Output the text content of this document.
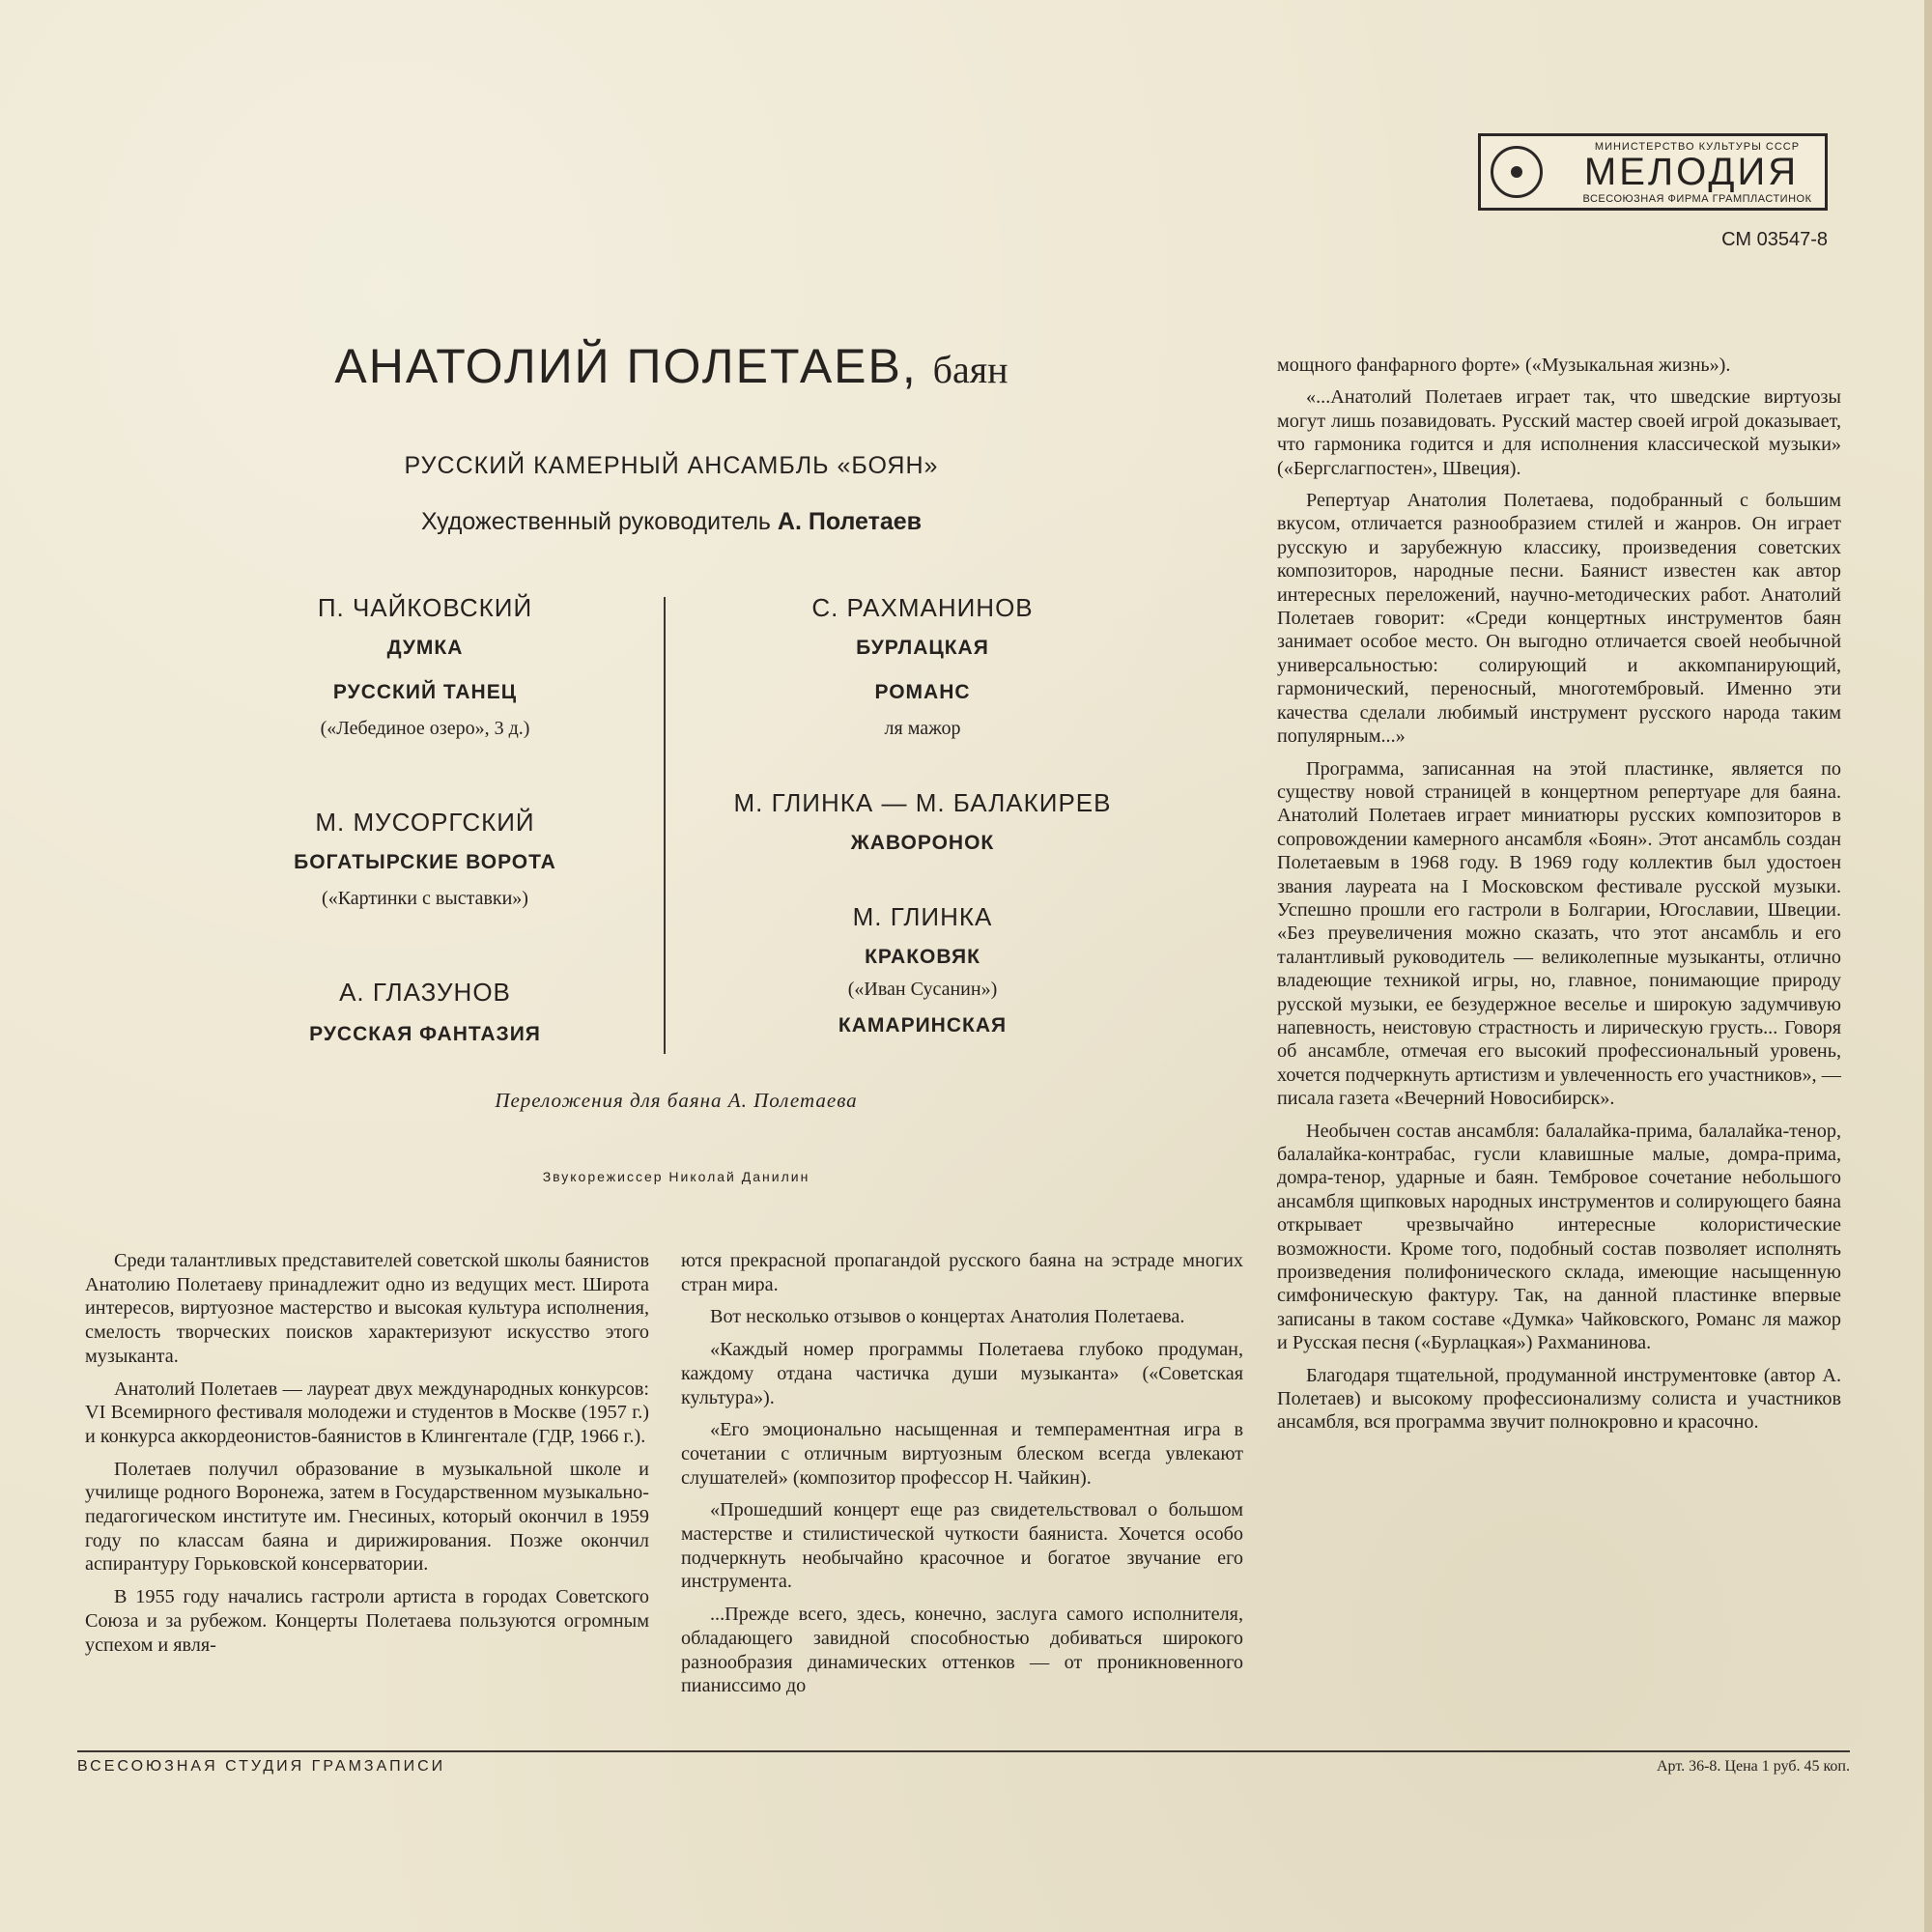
МИНИСТЕРСТВО КУЛЬТУРЫ СССР
МЕЛОДИЯ
ВСЕСОЮЗНАЯ ФИРМА ГРАМПЛАСТИНОК
СМ 03547-8
АНАТОЛИЙ ПОЛЕТАЕВ, баян
РУССКИЙ КАМЕРНЫЙ АНСАМБЛЬ «БОЯН»
Художественный руководитель А. Полетаев
П. ЧАЙКОВСКИЙ
ДУМКА
РУССКИЙ ТАНЕЦ
(«Лебединое озеро», 3 д.)
М. МУСОРГСКИЙ
БОГАТЫРСКИЕ ВОРОТА
(«Картинки с выставки»)
А. ГЛАЗУНОВ
РУССКАЯ ФАНТАЗИЯ
С. РАХМАНИНОВ
БУРЛАЦКАЯ
РОМАНС
ля мажор
М. ГЛИНКА — М. БАЛАКИРЕВ
ЖАВОРОНОК
М. ГЛИНКА
КРАКОВЯК
(«Иван Сусанин»)
КАМАРИНСКАЯ
Переложения для баяна А. Полетаева
Звукорежиссер Николай Данилин

Среди талантливых представителей советской школы баянистов Анатолию Полетаеву принадлежит одно из ведущих мест. Широта интересов, виртуозное мастерство и высокая культура исполнения, смелость творческих поисков характеризуют искусство этого музыканта.

Анатолий Полетаев — лауреат двух международных конкурсов: VI Всемирного фестиваля молодежи и студентов в Москве (1957 г.) и конкурса аккордеонистов-баянистов в Клингентале (ГДР, 1966 г.).

Полетаев получил образование в музыкальной школе и училище родного Воронежа, затем в Государственном музыкально-педагогическом институте им. Гнесиных, который окончил в 1959 году по классам баяна и дирижирования. Позже окончил аспирантуру Горьковской консерватории.

В 1955 году начались гастроли артиста в городах Советского Союза и за рубежом. Концерты Полетаева пользуются огромным успехом и явля-

ются прекрасной пропагандой русского баяна на эстраде многих стран мира.

Вот несколько отзывов о концертах Анатолия Полетаева.

«Каждый номер программы Полетаева глубоко продуман, каждому отдана частичка души музыканта» («Советская культура»).

«Его эмоционально насыщенная и темпераментная игра в сочетании с отличным виртуозным блеском всегда увлекают слушателей» (композитор профессор Н. Чайкин).

«Прошедший концерт еще раз свидетельствовал о большом мастерстве и стилистической чуткости баяниста. Хочется особо подчеркнуть необычайно красочное и богатое звучание его инструмента.

...Прежде всего, здесь, конечно, заслуга самого исполнителя, обладающего завидной способностью добиваться широкого разнообразия динамических оттенков — от проникновенного пианиссимо до

мощного фанфарного форте» («Музыкальная жизнь»).

«...Анатолий Полетаев играет так, что шведские виртуозы могут лишь позавидовать. Русский мастер своей игрой доказывает, что гармоника годится и для исполнения классической музыки» («Бергслагпостен», Швеция).

Репертуар Анатолия Полетаева, подобранный с большим вкусом, отличается разнообразием стилей и жанров. Он играет русскую и зарубежную классику, произведения советских композиторов, народные песни. Баянист известен как автор интересных переложений, научно-методических работ. Анатолий Полетаев говорит: «Среди концертных инструментов баян занимает особое место. Он выгодно отличается своей необычной универсальностью: солирующий и аккомпанирующий, гармонический, переносный, многотембровый. Именно эти качества сделали любимый инструмент русского народа таким популярным...»

Программа, записанная на этой пластинке, является по существу новой страницей в концертном репертуаре для баяна. Анатолий Полетаев играет миниатюры русских композиторов в сопровождении камерного ансамбля «Боян». Этот ансамбль создан Полетаевым в 1968 году. В 1969 году коллектив был удостоен звания лауреата на I Московском фестивале русской музыки. Успешно прошли его гастроли в Болгарии, Югославии, Швеции. «Без преувеличения можно сказать, что этот ансамбль и его талантливый руководитель — великолепные музыканты, отлично владеющие техникой игры, но, главное, понимающие природу русской музыки, ее безудержное веселье и широкую задумчивую напевность, неистовую страстность и лирическую грусть... Говоря об ансамбле, отмечая его высокий профессиональный уровень, хочется подчеркнуть артистизм и увлеченность его участников», — писала газета «Вечерний Новосибирск».

Необычен состав ансамбля: балалайка-прима, балалайка-тенор, балалайка-контрабас, гусли клавишные малые, домра-прима, домра-тенор, ударные и баян. Тембровое сочетание небольшого ансамбля щипковых народных инструментов и солирующего баяна открывает чрезвычайно интересные колористические возможности. Кроме того, подобный состав позволяет исполнять произведения полифонического склада, имеющие насыщенную симфоническую фактуру. Так, на данной пластинке впервые записаны в таком составе «Думка» Чайковского, Романс ля мажор и Русская песня («Бурлацкая») Рахманинова.

Благодаря тщательной, продуманной инструментовке (автор А. Полетаев) и высокому профессионализму солиста и участников ансамбля, вся программа звучит полнокровно и красочно.

ВСЕСОЮЗНАЯ СТУДИЯ ГРАМЗАПИСИ	Арт. 36-8. Цена 1 руб. 45 коп.
